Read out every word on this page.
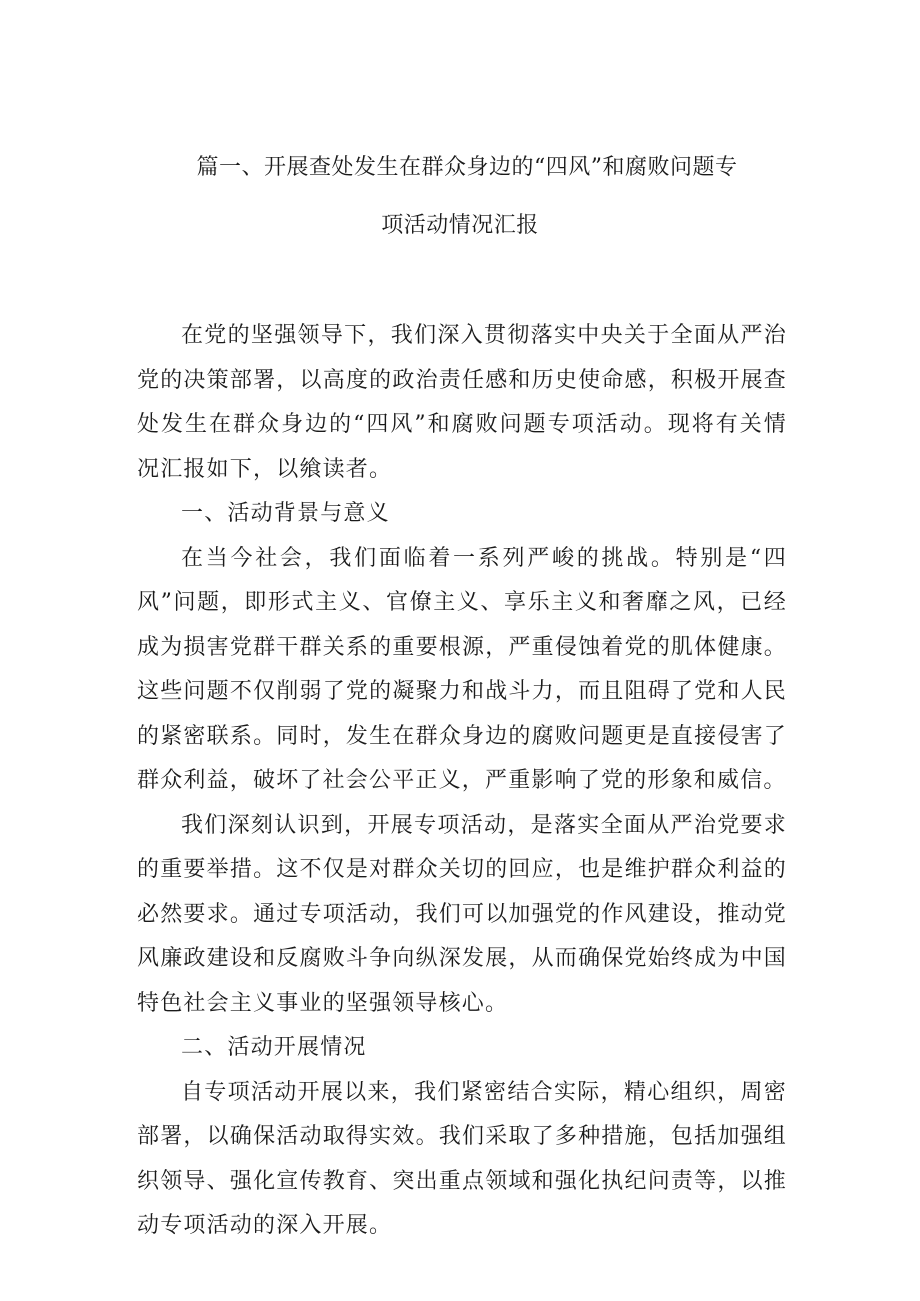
篇一、开展查处发生在群众身边的“四风”和腐败问题专
项活动情况汇报

在党的坚强领导下，我们深入贯彻落实中央关于全面从严治党的决策部署，以高度的政治责任感和历史使命感，积极开展查处发生在群众身边的“四风”和腐败问题专项活动。现将有关情况汇报如下，以飨读者。

一、活动背景与意义

在当今社会，我们面临着一系列严峻的挑战。特别是“四风”问题，即形式主义、官僚主义、享乐主义和奢靡之风，已经成为损害党群干群关系的重要根源，严重侵蚀着党的肌体健康。这些问题不仅削弱了党的凝聚力和战斗力，而且阻碍了党和人民的紧密联系。同时，发生在群众身边的腐败问题更是直接侵害了群众利益，破坏了社会公平正义，严重影响了党的形象和威信。

我们深刻认识到，开展专项活动，是落实全面从严治党要求的重要举措。这不仅是对群众关切的回应，也是维护群众利益的必然要求。通过专项活动，我们可以加强党的作风建设，推动党风廉政建设和反腐败斗争向纵深发展，从而确保党始终成为中国特色社会主义事业的坚强领导核心。

二、活动开展情况

自专项活动开展以来，我们紧密结合实际，精心组织，周密部署，以确保活动取得实效。我们采取了多种措施，包括加强组织领导、强化宣传教育、突出重点领域和强化执纪问责等，以推动专项活动的深入开展。
